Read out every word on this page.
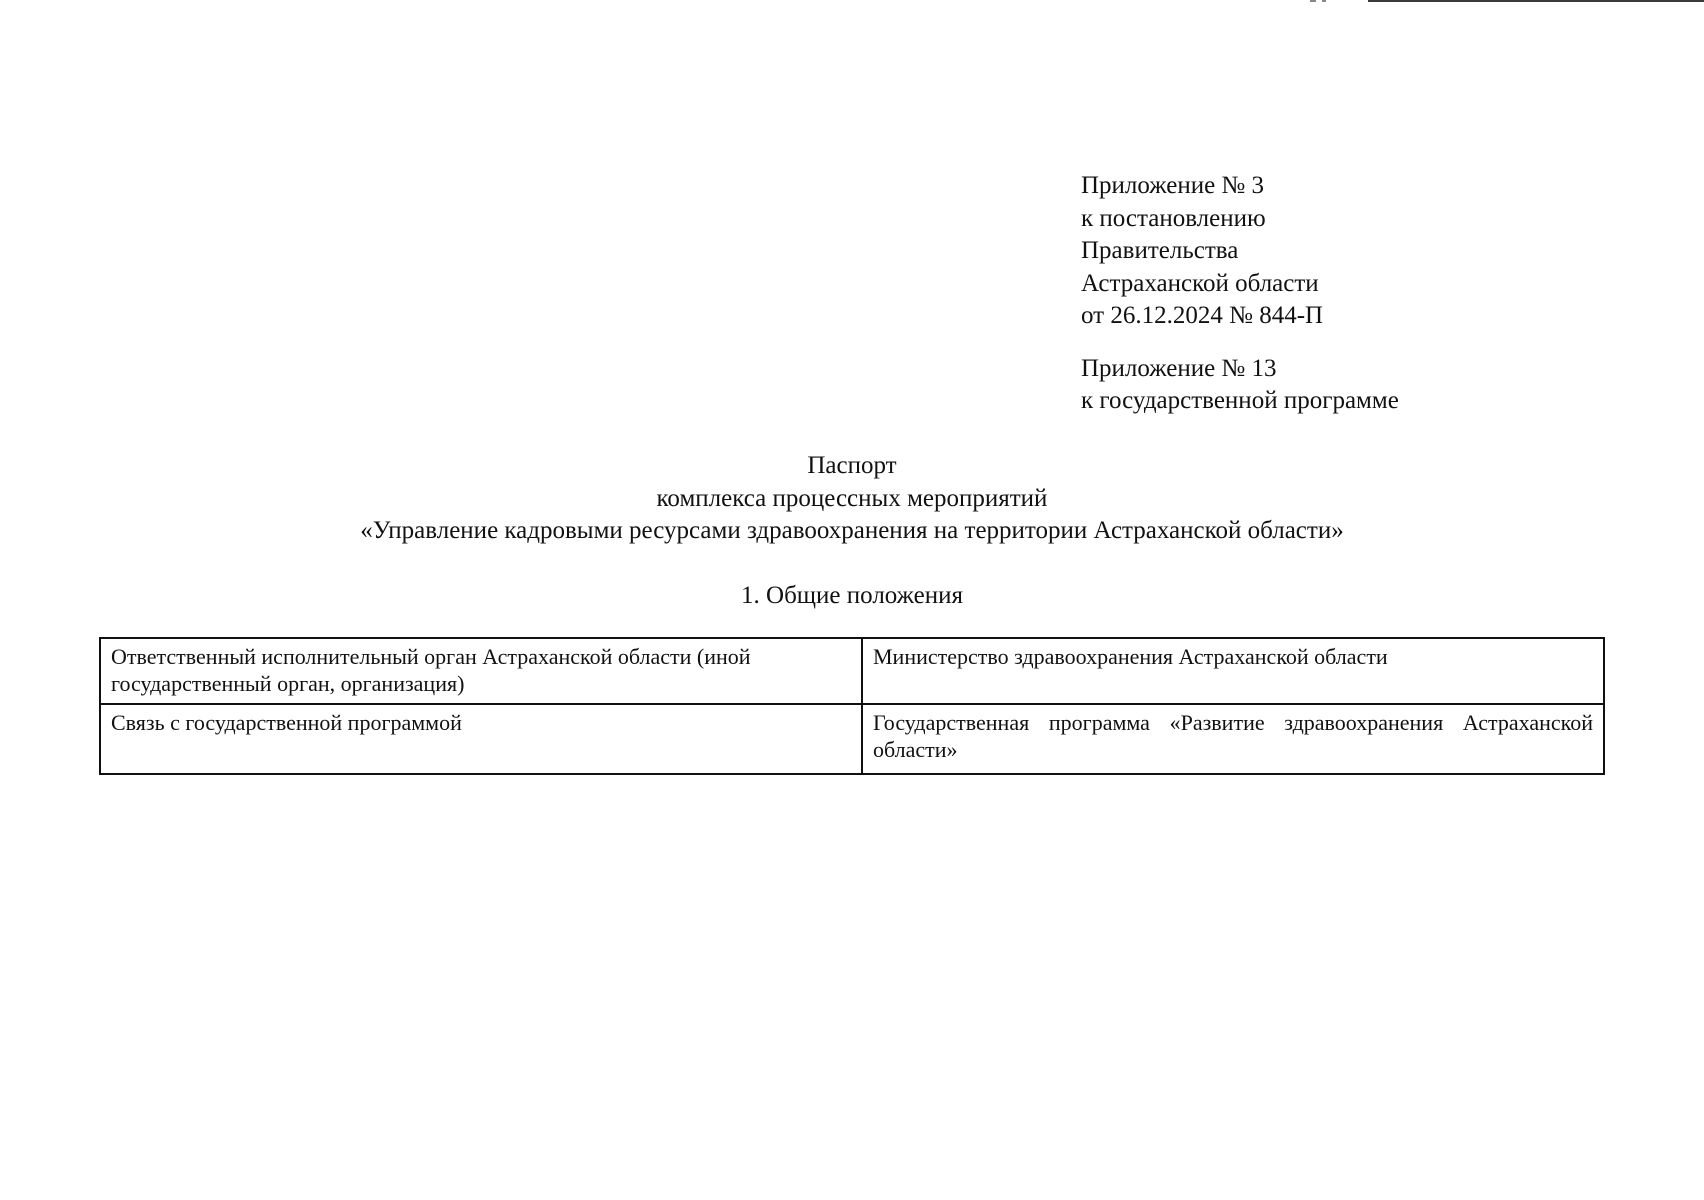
Приложение № 3

к постановлению

Правительства

Астраханской области

от 26.12.2024 № 844-П

Приложение № 13

к государственной программе

Паспорт

комплекса процессных мероприятий

«Управление кадровыми ресурсами здравоохранения на территории Астраханской области»

1. Общие положения

Ответственный исполнительный орган Астраханской области (иной государственный орган, организация)	Министерство здравоохранения Астраханской области
Связь с государственной программой	Государственная программа «Развитие здравоохранения Астраханской области»
